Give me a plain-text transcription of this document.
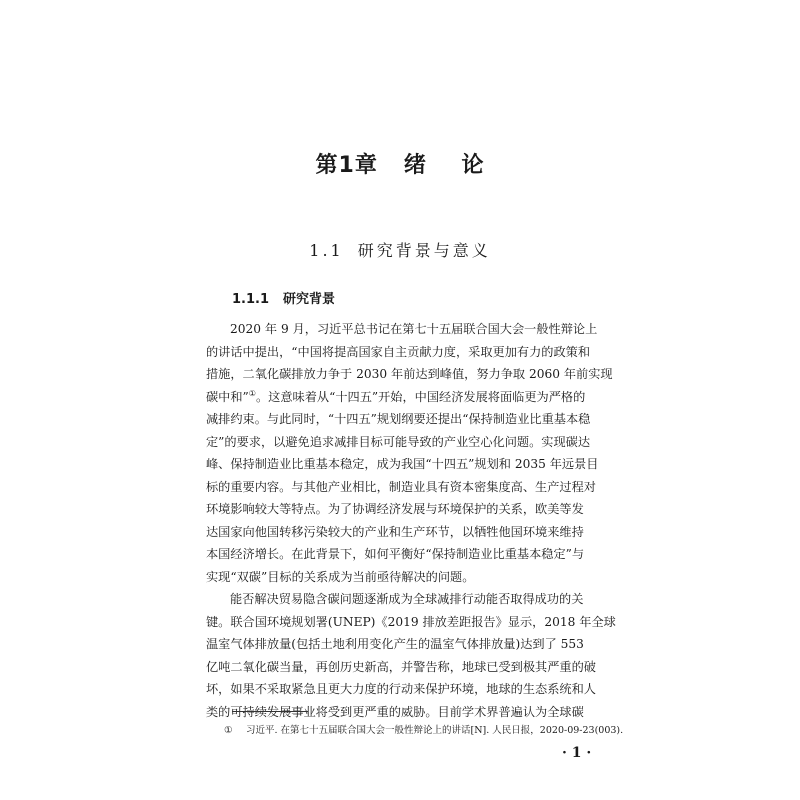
第1章 绪    论
1.1 研究背景与意义
1.1.1 研究背景
2020 年 9 月，习近平总书记在第七十五届联合国大会一般性辩论上
的讲话中提出，“中国将提高国家自主贡献力度，采取更加有力的政策和
措施，二氧化碳排放力争于 2030 年前达到峰值，努力争取 2060 年前实现
碳中和”①。这意味着从“十四五”开始，中国经济发展将面临更为严格的
减排约束。与此同时，“十四五”规划纲要还提出“保持制造业比重基本稳
定”的要求，以避免追求减排目标可能导致的产业空心化问题。实现碳达
峰、保持制造业比重基本稳定，成为我国“十四五”规划和 2035 年远景目
标的重要内容。与其他产业相比，制造业具有资本密集度高、生产过程对
环境影响较大等特点。为了协调经济发展与环境保护的关系，欧美等发
达国家向他国转移污染较大的产业和生产环节，以牺牲他国环境来维持
本国经济增长。在此背景下，如何平衡好“保持制造业比重基本稳定”与
实现“双碳”目标的关系成为当前亟待解决的问题。
能否解决贸易隐含碳问题逐渐成为全球减排行动能否取得成功的关
键。联合国环境规划署(UNEP)《2019 排放差距报告》显示，2018 年全球
温室气体排放量(包括土地利用变化产生的温室气体排放量)达到了 553
亿吨二氧化碳当量，再创历史新高，并警告称，地球已受到极其严重的破
坏，如果不采取紧急且更大力度的行动来保护环境，地球的生态系统和人
类的可持续发展事业将受到更严重的威胁。目前学术界普遍认为全球碳
① 习近平. 在第七十五届联合国大会一般性辩论上的讲话[N]. 人民日报，2020-09-23(003).
· 1 ·
